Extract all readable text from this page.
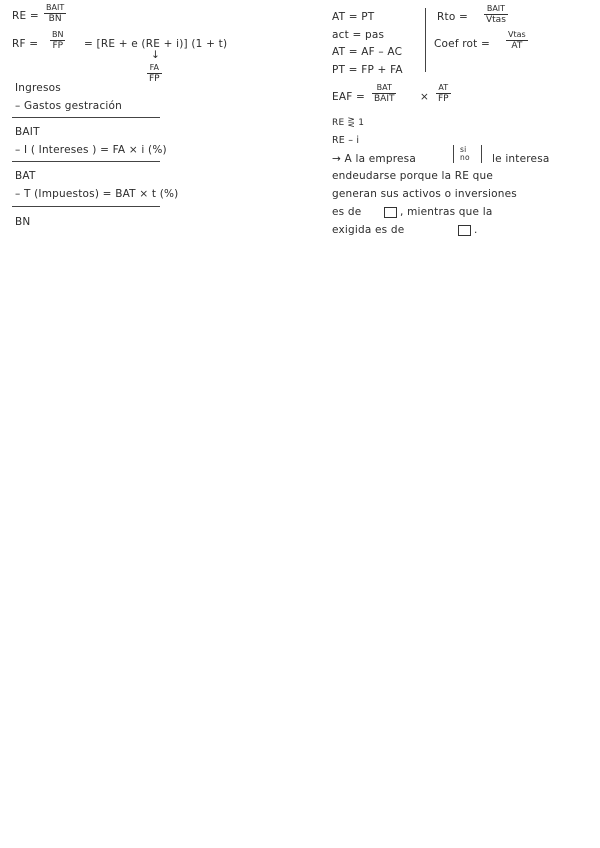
RE =
BAIT
BN
RF = $\frac{BN}{FP} = [RE + e$ (RE + i)] (1 + t)
↓
$\frac{FA}{FP}$
Ingresos
– Gastos gestración
BAIT
– I ( Intereses ) = FA × i (%)
BAT
– T (Impuestos) = BAT × t (%)
BN
AT = PT
act = pas
AT = AF – AC
PT = FP + FA
Rto =
BAIT
Vtas
Coef rot =
Vtas
AT
EAF =
BAT
BAIT × $\frac{AT}{FP}$
RE ⋛ 1
RE – i
→ A la empresa
si
no le interesa
endeudarse porque la RE que
generan sus activos o inversiones
es de	, mientras que la
exigida es de	.
